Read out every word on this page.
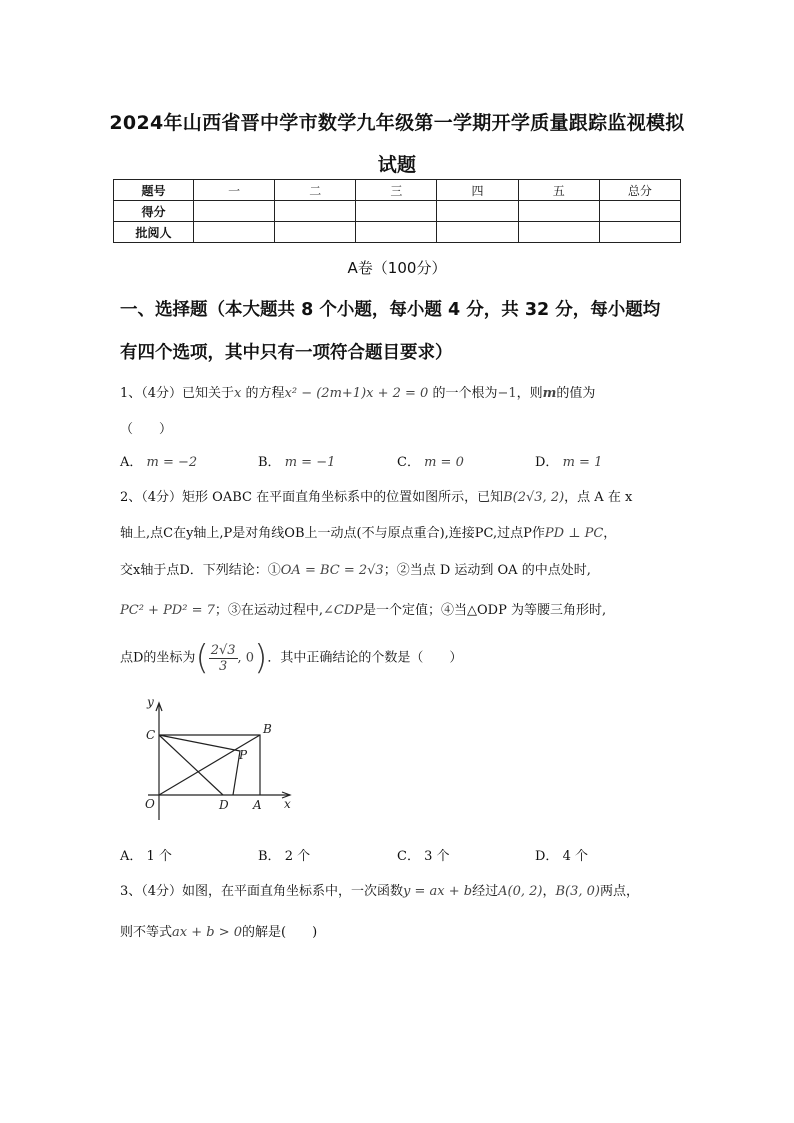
2024年山西省晋中学市数学九年级第一学期开学质量跟踪监视模拟
试题
题号	一	二	三	四	五	总分
得分						
批阅人						
A卷（100分）
一、选择题（本大题共 8 个小题，每小题 4 分，共 32 分，每小题均
有四个选项，其中只有一项符合题目要求）
1、（4分）已知关于x 的方程x² − (2m+1)x + 2 = 0 的一个根为−1，则m的值为
（　　）
A． m = −2	B． m = −1	C． m = 0	D． m = 1
2、（4分）矩形 OABC 在平面直角坐标系中的位置如图所示，已知B(2√3, 2)，点 A 在 x
轴上,点C在y轴上,P是对角线OB上一动点(不与原点重合),连接PC,过点P作PD ⊥ PC，
交x轴于点D．下列结论：①OA = BC = 2√3；②当点 D 运动到 OA 的中点处时,
PC² + PD² = 7；③在运动过程中,∠CDP是一个定值；④当△ODP 为等腰三角形时,
点D的坐标为( $\frac{2√3}{3}$ , 0)．其中正确结论的个数是（　　）
y
x
C	B
P
O	D A
A． 1 个	B． 2 个	C． 3 个	D． 4 个
3、（4分）如图，在平面直角坐标系中，一次函数y = ax + b经过A(0, 2)，B(3, 0)两点，
则不等式ax + b > 0的解是(　　)
